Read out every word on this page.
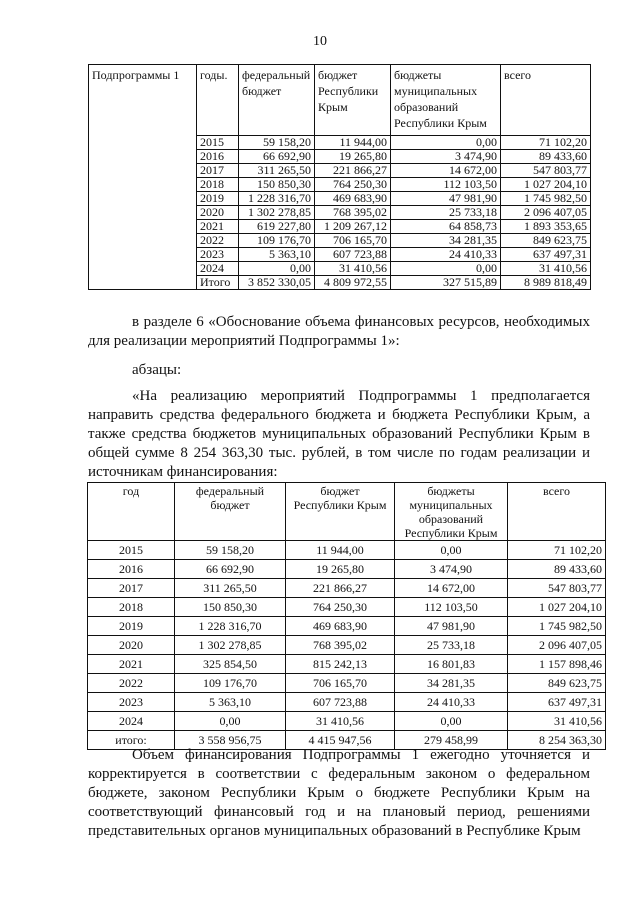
10
Подпрограммы 1	годы.	федеральный бюджет	бюджет Республики Крым	бюджеты муниципальных образований Республики Крым	всего
	2015	59 158,20	11 944,00	0,00	71 102,20
	2016	66 692,90	19 265,80	3 474,90	89 433,60
	2017	311 265,50	221 866,27	14 672,00	547 803,77
	2018	150 850,30	764 250,30	112 103,50	1 027 204,10
	2019	1 228 316,70	469 683,90	47 981,90	1 745 982,50
	2020	1 302 278,85	768 395,02	25 733,18	2 096 407,05
	2021	619 227,80	1 209 267,12	64 858,73	1 893 353,65
	2022	109 176,70	706 165,70	34 281,35	849 623,75
	2023	5 363,10	607 723,88	24 410,33	637 497,31
	2024	0,00	31 410,56	0,00	31 410,56
	Итого	3 852 330,05	4 809 972,55	327 515,89	8 989 818,49
в разделе 6 «Обоснование объема финансовых ресурсов, необходимых для реализации мероприятий Подпрограммы 1»:
абзацы:
«На реализацию мероприятий Подпрограммы 1 предполагается направить средства федерального бюджета и бюджета Республики Крым, а также средства бюджетов муниципальных образований Республики Крым в общей сумме 8 254 363,30 тыс. рублей, в том числе по годам реализации и источникам финансирования:
год	федеральный бюджет	бюджет Республики Крым	бюджеты муниципальных образований Республики Крым	всего
2015	59 158,20	11 944,00	0,00	71 102,20
2016	66 692,90	19 265,80	3 474,90	89 433,60
2017	311 265,50	221 866,27	14 672,00	547 803,77
2018	150 850,30	764 250,30	112 103,50	1 027 204,10
2019	1 228 316,70	469 683,90	47 981,90	1 745 982,50
2020	1 302 278,85	768 395,02	25 733,18	2 096 407,05
2021	325 854,50	815 242,13	16 801,83	1 157 898,46
2022	109 176,70	706 165,70	34 281,35	849 623,75
2023	5 363,10	607 723,88	24 410,33	637 497,31
2024	0,00	31 410,56	0,00	31 410,56
итого:	3 558 956,75	4 415 947,56	279 458,99	8 254 363,30
Объем финансирования Подпрограммы 1 ежегодно уточняется и корректируется в соответствии с федеральным законом о федеральном бюджете, законом Республики Крым о бюджете Республики Крым на соответствующий финансовый год и на плановый период, решениями представительных органов муниципальных образований в Республике Крым
